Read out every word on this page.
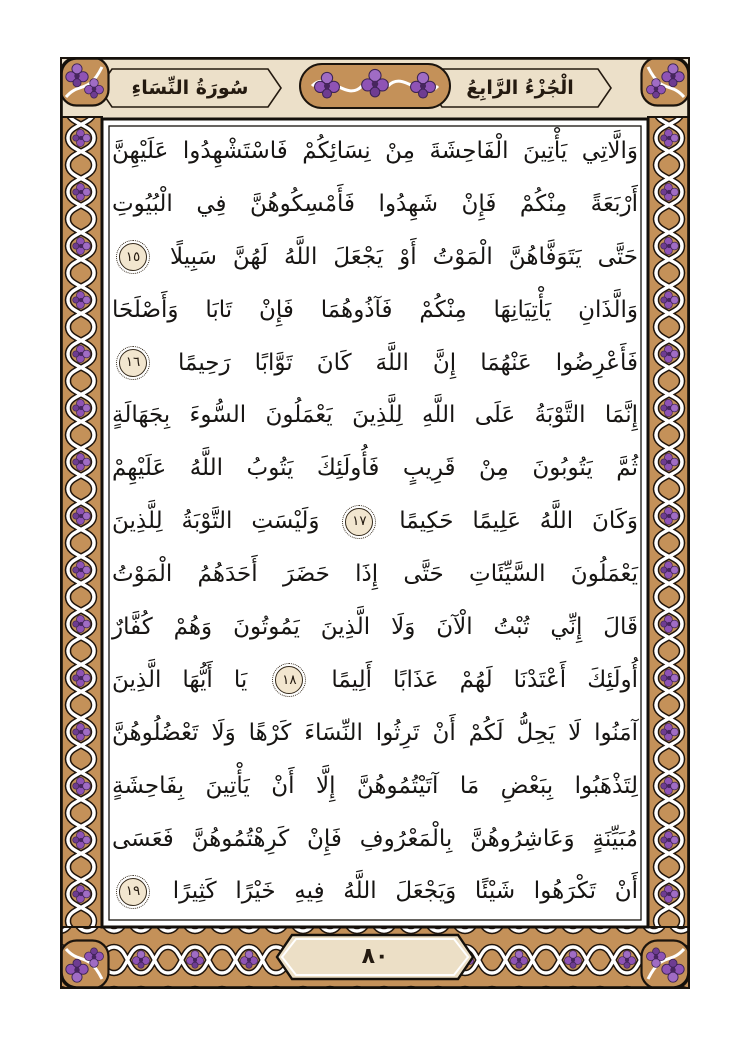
سُورَةُ النِّسَاءِ	الْجُزْءُ الرَّابِعُ
وَالَّاتِي يَأْتِينَ الْفَاحِشَةَ مِنْ نِسَائِكُمْ فَاسْتَشْهِدُوا عَلَيْهِنَّ
أَرْبَعَةً مِنْكُمْ فَإِنْ شَهِدُوا فَأَمْسِكُوهُنَّ فِي الْبُيُوتِ
حَتَّى يَتَوَفَّاهُنَّ الْمَوْتُ أَوْ يَجْعَلَ اللَّهُ لَهُنَّ سَبِيلًا ١٥
وَالَّذَانِ يَأْتِيَانِهَا مِنْكُمْ فَآذُوهُمَا فَإِنْ تَابَا وَأَصْلَحَا
فَأَعْرِضُوا عَنْهُمَا إِنَّ اللَّهَ كَانَ تَوَّابًا رَحِيمًا ١٦
إِنَّمَا التَّوْبَةُ عَلَى اللَّهِ لِلَّذِينَ يَعْمَلُونَ السُّوءَ بِجَهَالَةٍ
ثُمَّ يَتُوبُونَ مِنْ قَرِيبٍ فَأُولَئِكَ يَتُوبُ اللَّهُ عَلَيْهِمْ
وَكَانَ اللَّهُ عَلِيمًا حَكِيمًا ١٧ وَلَيْسَتِ التَّوْبَةُ لِلَّذِينَ
يَعْمَلُونَ السَّيِّئَاتِ حَتَّى إِذَا حَضَرَ أَحَدَهُمُ الْمَوْتُ
قَالَ إِنِّي تُبْتُ الْآنَ وَلَا الَّذِينَ يَمُوتُونَ وَهُمْ كُفَّارٌ
أُولَئِكَ أَعْتَدْنَا لَهُمْ عَذَابًا أَلِيمًا ١٨ يَا أَيُّهَا الَّذِينَ
آمَنُوا لَا يَحِلُّ لَكُمْ أَنْ تَرِثُوا النِّسَاءَ كَرْهًا وَلَا تَعْضُلُوهُنَّ
لِتَذْهَبُوا بِبَعْضِ مَا آتَيْتُمُوهُنَّ إِلَّا أَنْ يَأْتِينَ بِفَاحِشَةٍ
مُبَيِّنَةٍ وَعَاشِرُوهُنَّ بِالْمَعْرُوفِ فَإِنْ كَرِهْتُمُوهُنَّ فَعَسَى
أَنْ تَكْرَهُوا شَيْئًا وَيَجْعَلَ اللَّهُ فِيهِ خَيْرًا كَثِيرًا ١٩
٨٠
